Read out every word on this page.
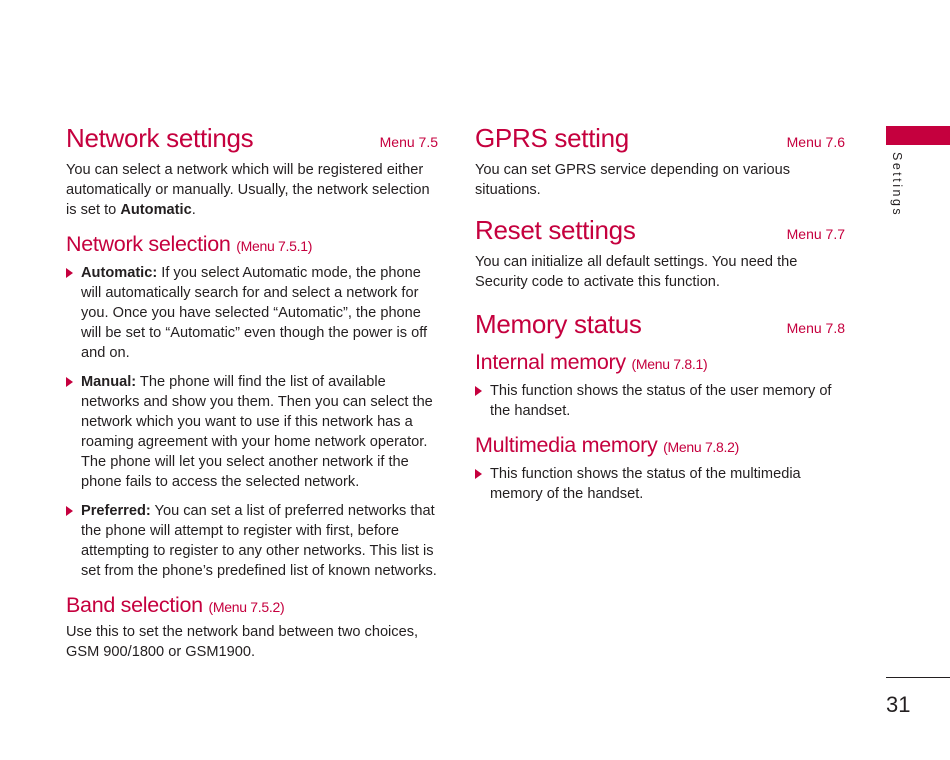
Network settings	Menu 7.5

You can select a network which will be registered either automatically or manually. Usually, the network selection is set to Automatic.

Network selection (Menu 7.5.1)
Automatic: If you select Automatic mode, the phone will automatically search for and select a network for you. Once you have selected “Automatic”, the phone will be set to “Automatic” even though the power is off and on.
Manual: The phone will find the list of available networks and show you them. Then you can select the network which you want to use if this network has a roaming agreement with your home network operator. The phone will let you select another network if the phone fails to access the selected network.
Preferred: You can set a list of preferred networks that the phone will attempt to register with first, before attempting to register to any other networks. This list is set from the phone’s predefined list of known networks.
Band selection (Menu 7.5.2)

Use this to set the network band between two choices, GSM 900/1800 or GSM1900.

GPRS setting	Menu 7.6

You can set GPRS service depending on various situations.

Reset settings	Menu 7.7

You can initialize all default settings. You need the Security code to activate this function.

Memory status	Menu 7.8
Internal memory (Menu 7.8.1)
This function shows the status of the user memory of the handset.
Multimedia memory (Menu 7.8.2)
This function shows the status of the multimedia memory of the handset.
Settings
31
